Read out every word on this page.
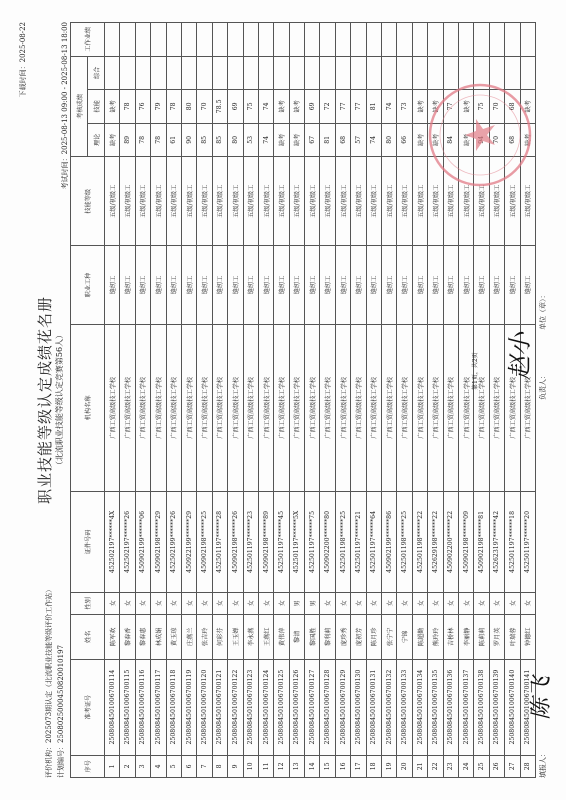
下载时间：2025-08-22
职业技能等级认定成绩花名册 （北流职业技能等级认定竞赛第56人）
评价机构：2025073期认定（北流职业技能等级评价工作站） 计划编号：2508025000450820010197
考试时间：2025-08-13 09:00 - 2025-08-13 18:00
序号	准考证号	姓名	性别	证件号码	机构名称	职业工种	技能等级	考核成绩			工作业绩
								理论	技能	综合	
1	2508084501006700114	陈军欢	女	452502197******4X	广西工贸高级技工学校	缝纫工	五级/初级工	缺考	缺考		
2	2508084501006700115	黎春香	女	452502197******26	广西工贸高级技工学校	缝纫工	五级/初级工	89	78		
3	2508084501006700116	黎春惠	女	450902199******06	广西工贸高级技工学校	缝纫工	五级/初级工	78	76		
4	2508084501006700117	林成娟	女	450902198******29	广西工贸高级技工学校	缝纫工	五级/初级工	78	79		
5	2508084501006700118	黄玉琼	女	452502199******26	广西工贸高级技工学校	缝纫工	五级/初级工	61	78		
6	2508084501006700119	庄燕兰	女	450922199******29	广西工贸高级技工学校	缝纫工	五级/初级工	90	80		
7	2508084501006700120	张吉玲	女	450902198******25	广西工贸高级技工学校	缝纫工	五级/初级工	85	70		
8	2508084501006700121	何彩芬	女	452501197******28	广西工贸高级技工学校	缝纫工	五级/初级工	85	78.5		
9	2508084501006700122	王玉婵	女	450902198******26	广西工贸高级技工学校	缝纫工	五级/初级工	80	69		
10	2508084501006700123	李永燕	女	452501197******23	广西工贸高级技工学校	缝纫工	五级/初级工	53	75		
11	2508084501006700124	王燕红	女	450902198******89	广西工贸高级技工学校	缝纫工	五级/初级工	74	74		
12	2508084501006700125	黄伟萍	女	452501197******45	广西工贸高级技工学校	缝纫工	五级/初级工	缺考	缺考		
13	2508084501006700126	黎清	男	452501197******5X	广西工贸高级技工学校	缝纫工	五级/初级工	缺考	缺考		
14	2508084501006700127	黎国胜	男	452501197******75	广西工贸高级技工学校	缝纫工	五级/初级工	67	69		
15	2508084501006700128	黎利莉	女	450902200******80	广西工贸高级技工学校	缝纫工	五级/初级工	81	72		
16	2508084501006700129	庞珍秀	女	452501198******25	广西工贸高级技工学校	缝纫工	五级/初级工	68	77		
17	2508084501006700130	庞初芳	女	452501197******21	广西工贸高级技工学校	缝纫工	五级/初级工	57	77		
18	2508084501006700131	陈月珍	女	452501197******64	广西工贸高级技工学校	缝纫工	五级/初级工	74	81		
19	2508084501006700132	张宁宁	女	450902199******86	广西工贸高级技工学校	缝纫工	五级/初级工	80	74		
20	2508084501006700133	宁锦	女	452501198******25	广西工贸高级技工学校	缝纫工	五级/初级工	66	73		
21	2508084501006700134	陈超勤	女	452501198******22	广西工贸高级技工学校	缝纫工	五级/初级工	缺考	缺考		
22	2508084501006700135	熊玲玲	女	452629198******22	广西工贸高级技工学校	缝纫工	五级/初级工	缺考	缺考		
23	2508084501006700136	吉桥林	女	450902200******22	广西工贸高级技工学校	缝纫工	五级/初级工	84	77		
24	2508084501006700137	李丽静	女	450902198******09	广西工贸高级技工学校	缝纫工	五级/初级工	缺考	缺考		
25	2508084501006700138	陈莉莉	女	450902198******81	广西工贸高级技工学校	缝纫工	五级/初级工		75		
26	2508084501006700139	罗月英	女	452623197******42	广西工贸高级技工学校	缝纫工	五级/初级工	70	70		
27	2508084501006700140	叶瑞蓉	女	452501197******18	广西工贸高级技工学校	缝纫工	五级/初级工	68	68		
28	2508084501006700141	钟德红	女	452501197******20	广西工贸高级技工学校	缝纫工	五级/初级工	缺考	缺考		
陈飞
赵小
填报人：
负责人：
单位（章）：
第1页，共2页
